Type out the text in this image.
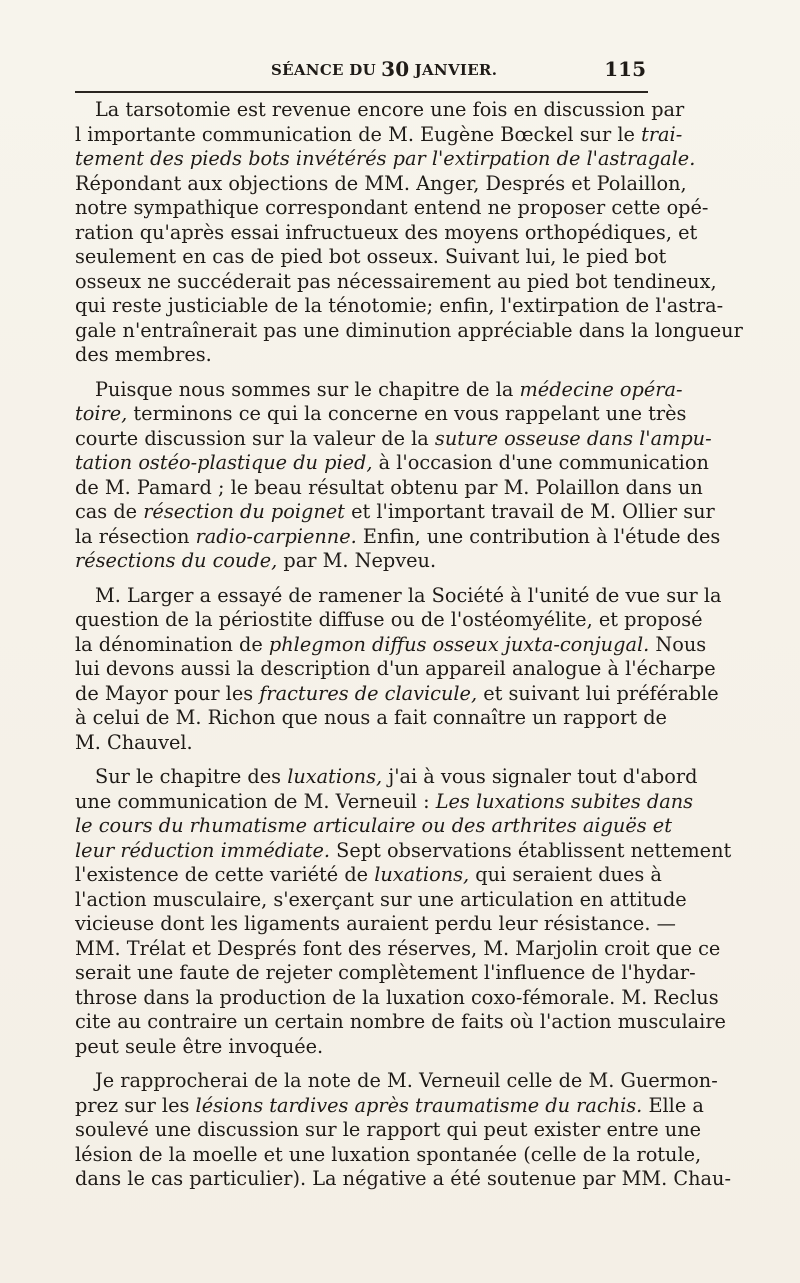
SÉANCE DU 30 JANVIER.	115
La tarsotomie est revenue encore une fois en discussion par
l importante communication de M. Eugène Bœckel sur le trai-
tement des pieds bots invétérés par l'extirpation de l'astragale.
Répondant aux objections de MM. Anger, Després et Polaillon,
notre sympathique correspondant entend ne proposer cette opé-
ration qu'après essai infructueux des moyens orthopédiques, et
seulement en cas de pied bot osseux. Suivant lui, le pied bot
osseux ne succéderait pas nécessairement au pied bot tendineux,
qui reste justiciable de la ténotomie; enfin, l'extirpation de l'astra-
gale n'entraînerait pas une diminution appréciable dans la longueur
des membres.
Puisque nous sommes sur le chapitre de la médecine opéra-
toire, terminons ce qui la concerne en vous rappelant une très
courte discussion sur la valeur de la suture osseuse dans l'ampu-
tation ostéo-plastique du pied, à l'occasion d'une communication
de M. Pamard ; le beau résultat obtenu par M. Polaillon dans un
cas de résection du poignet et l'important travail de M. Ollier sur
la résection radio-carpienne. Enfin, une contribution à l'étude des
résections du coude, par M. Nepveu.
M. Larger a essayé de ramener la Société à l'unité de vue sur la
question de la périostite diffuse ou de l'ostéomyélite, et proposé
la dénomination de phlegmon diffus osseux juxta-conjugal. Nous
lui devons aussi la description d'un appareil analogue à l'écharpe
de Mayor pour les fractures de clavicule, et suivant lui préférable
à celui de M. Richon que nous a fait connaître un rapport de
M. Chauvel.
Sur le chapitre des luxations, j'ai à vous signaler tout d'abord
une communication de M. Verneuil : Les luxations subites dans
le cours du rhumatisme articulaire ou des arthrites aiguës et
leur réduction immédiate. Sept observations établissent nettement
l'existence de cette variété de luxations, qui seraient dues à
l'action musculaire, s'exerçant sur une articulation en attitude
vicieuse dont les ligaments auraient perdu leur résistance. —
MM. Trélat et Després font des réserves, M. Marjolin croit que ce
serait une faute de rejeter complètement l'influence de l'hydar-
throse dans la production de la luxation coxo-fémorale. M. Reclus
cite au contraire un certain nombre de faits où l'action musculaire
peut seule être invoquée.
Je rapprocherai de la note de M. Verneuil celle de M. Guermon-
prez sur les lésions tardives après traumatisme du rachis. Elle a
soulevé une discussion sur le rapport qui peut exister entre une
lésion de la moelle et une luxation spontanée (celle de la rotule,
dans le cas particulier). La négative a été soutenue par MM. Chau-
